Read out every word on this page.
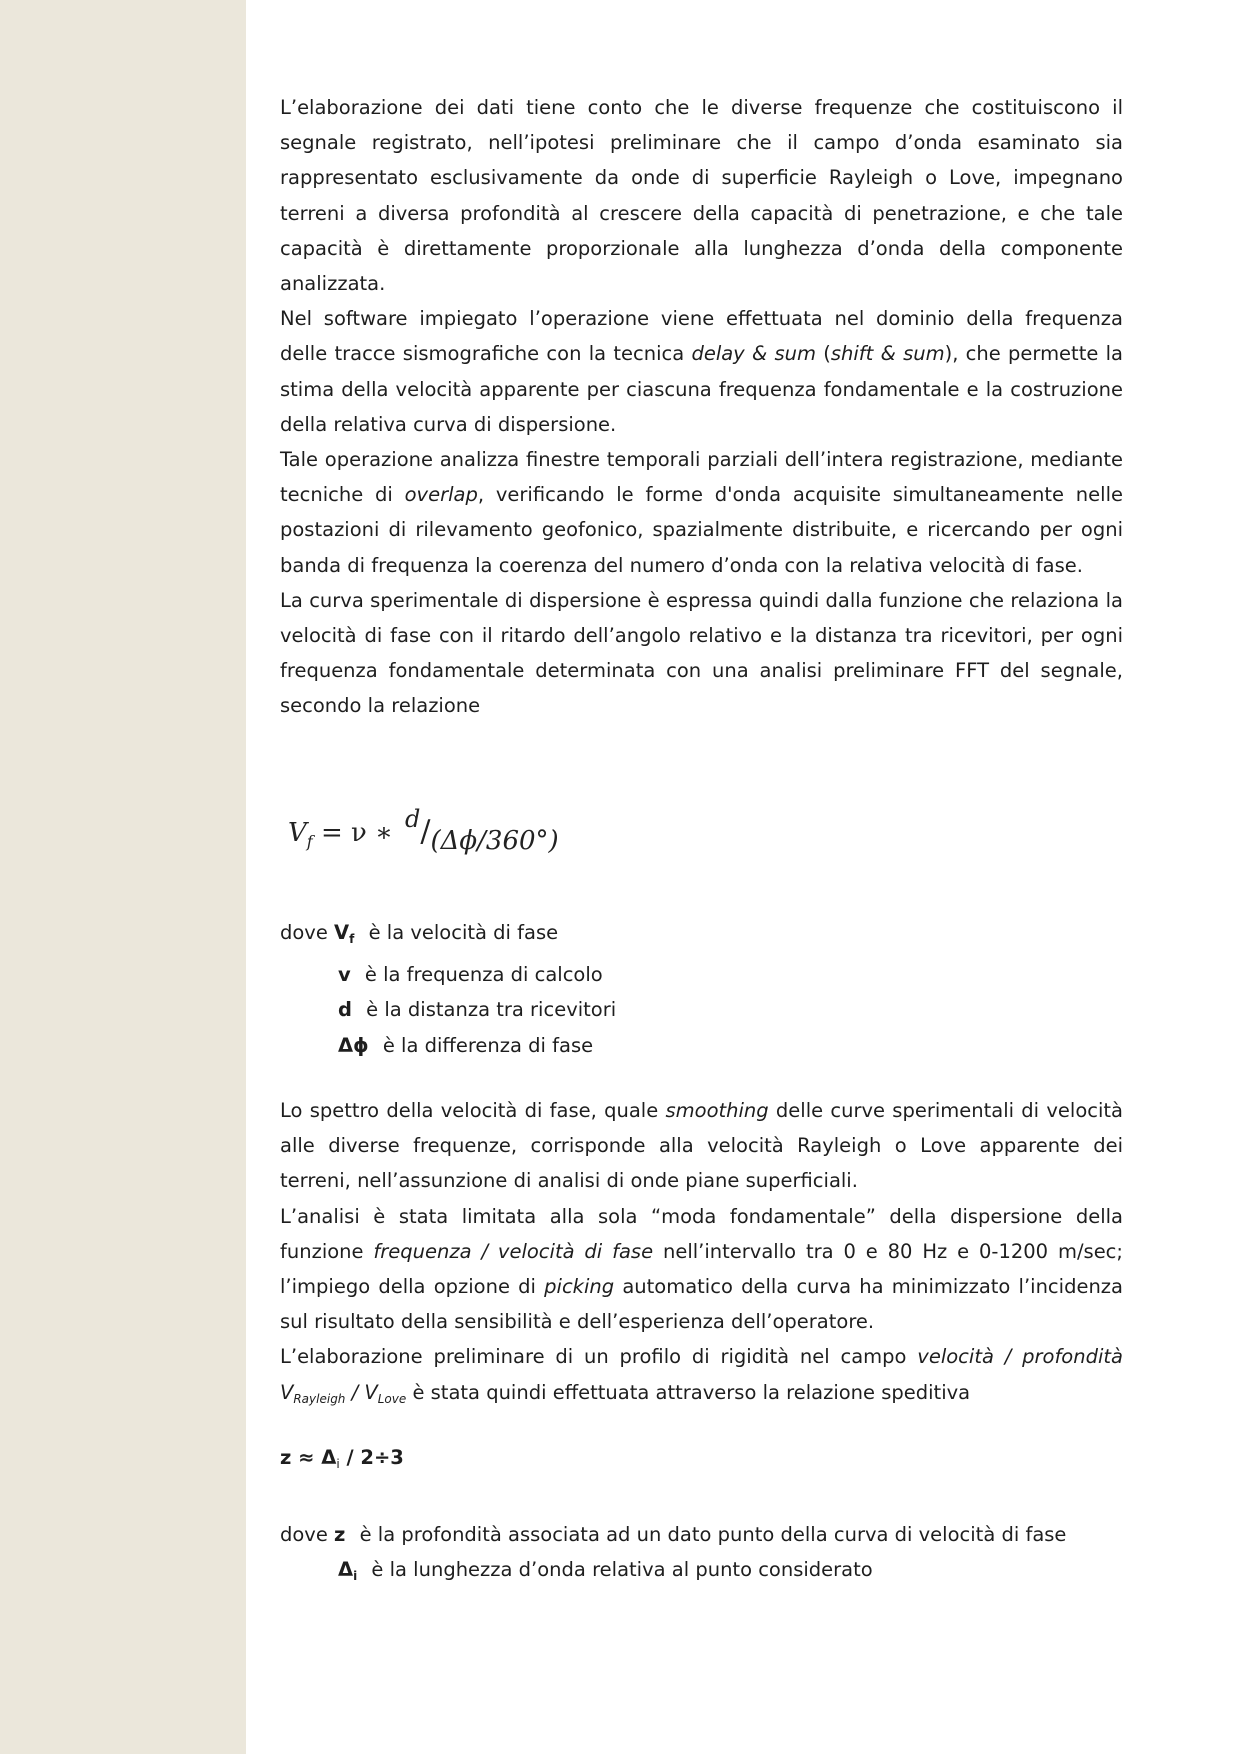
L’elaborazione dei dati tiene conto che le diverse frequenze che costituiscono il segnale registrato, nell’ipotesi preliminare che il campo d’onda esaminato sia rappresentato esclusivamente da onde di superficie Rayleigh o Love, impegnano terreni a diversa profondità al crescere della capacità di penetrazione, e che tale capacità è direttamente proporzionale alla lunghezza d’onda della componente analizzata.

Nel software impiegato l’operazione viene effettuata nel dominio della frequenza delle tracce sismografiche con la tecnica delay & sum (shift & sum), che permette la stima della velocità apparente per ciascuna frequenza fondamentale e la costruzione della relativa curva di dispersione.

Tale operazione analizza finestre temporali parziali dell’intera registrazione, mediante tecniche di overlap, verificando le forme d'onda acquisite simultaneamente nelle postazioni di rilevamento geofonico, spazialmente distribuite, e ricercando per ogni banda di frequenza la coerenza del numero d’onda con la relativa velocità di fase.

La curva sperimentale di dispersione è espressa quindi dalla funzione che relaziona la velocità di fase con il ritardo dell’angolo relativo e la distanza tra ricevitori, per ogni frequenza fondamentale determinata con una analisi preliminare FFT del segnale, secondo la relazione

$V_f = \nu$ ∗ d/(Δϕ/360°)
dove $V_f$ è la velocità di fase
v è la frequenza di calcolo
d è la distanza tra ricevitori
Δϕ è la differenza di fase

Lo spettro della velocità di fase, quale smoothing delle curve sperimentali di velocità alle diverse frequenze, corrisponde alla velocità Rayleigh o Love apparente dei terreni, nell’assunzione di analisi di onde piane superficiali.

L’analisi è stata limitata alla sola “moda fondamentale” della dispersione della funzione frequenza / velocità di fase nell’intervallo tra 0 e 80 Hz e 0-1200 m/sec; l’impiego della opzione di picking automatico della curva ha minimizzato l’incidenza sul risultato della sensibilità e dell’esperienza dell’operatore.

L’elaborazione preliminare di un profilo di rigidità nel campo velocità / profondità $V_{Rayleigh} / V_{Love}$ è stata quindi effettuata attraverso la relazione speditiva

$z \approx \Delta_i / 2\div 3$
dove z è la profondità associata ad un dato punto della curva di velocità di fase
$\Delta_i$ è la lunghezza d’onda relativa al punto considerato
